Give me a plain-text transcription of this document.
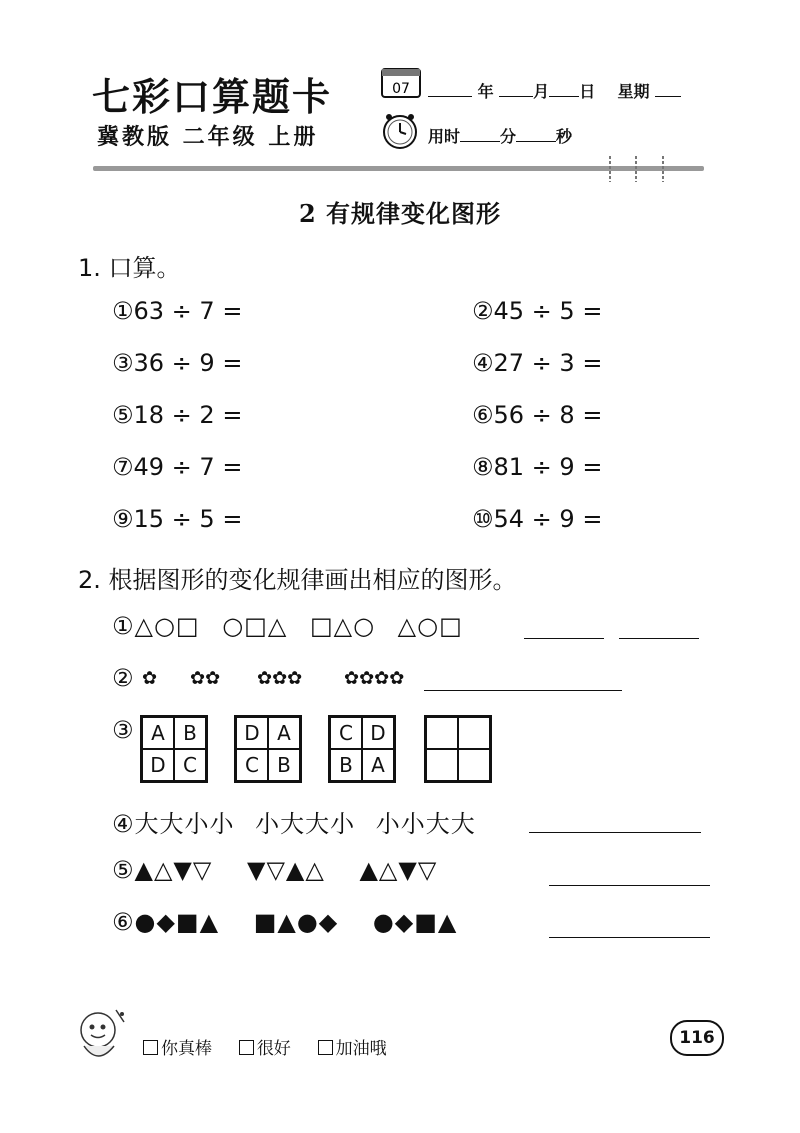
七彩口算题卡
冀教版 二年级 上册
07	年 月 日 星期
用时	分	秒
2 有规律变化图形
1. 口算。
①63 ÷ 7 =	②45 ÷ 5 =
③36 ÷ 9 =	④27 ÷ 3 =
⑤18 ÷ 2 =	⑥56 ÷ 8 =
⑦49 ÷ 7 =	⑧81 ÷ 9 =
⑨15 ÷ 5 =	⑩54 ÷ 9 =
2. 根据图形的变化规律画出相应的图形。
①△○□ ○□△ □△○ △○□
② ✿ ✿✿ ✿✿✿ ✿✿✿✿
③ A B
D C
D A
C B
C D
B A
④大大小小 小大大小 小小大大
⑤▲△▼▽ ▼▽▲△ ▲△▼▽
⑥●◆■▲ ■▲●◆ ●◆■▲
你真棒	很好	加油哦
116
